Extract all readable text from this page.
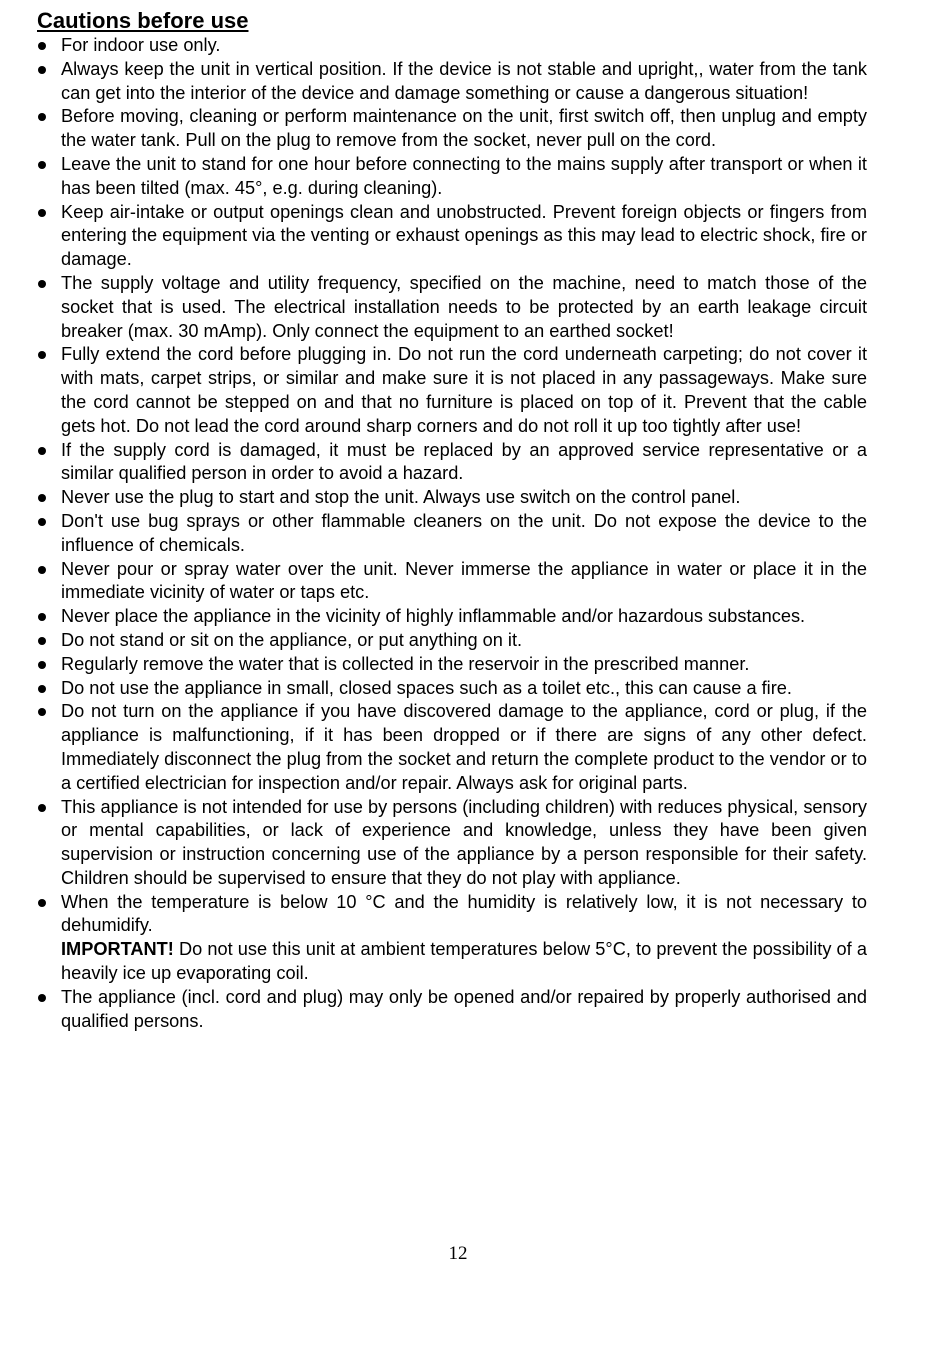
Cautions before use
For indoor use only.
Always keep the unit in vertical position. If the device is not stable and upright,, water from the tank can get into the interior of the device and damage something or cause a dangerous situation!
Before moving, cleaning or perform maintenance on the unit, first switch off, then unplug and empty the water tank. Pull on the plug to remove from the socket, never pull on the cord.
Leave the unit to stand for one hour before connecting to the mains supply after transport or when it has been tilted (max. 45°, e.g. during cleaning).
Keep air-intake or output openings clean and unobstructed. Prevent foreign objects or fingers from entering the equipment via the venting or exhaust openings as this may lead to electric shock, fire or damage.
The supply voltage and utility frequency, specified on the machine, need to match those of the socket that is used. The electrical installation needs to be protected by an earth leakage circuit breaker (max. 30 mAmp). Only connect the equipment to an earthed socket!
Fully extend the cord before plugging in. Do not run the cord underneath carpeting; do not cover it with mats, carpet strips, or similar and make sure it is not placed in any passageways. Make sure the cord cannot be stepped on and that no furniture is placed on top of it. Prevent that the cable gets hot. Do not lead the cord around sharp corners and do not roll it up too tightly after use!
If the supply cord is damaged, it must be replaced by an approved service representative or a similar qualified person in order to avoid a hazard.
Never use the plug to start and stop the unit. Always use switch on the control panel.
Don't use bug sprays or other flammable cleaners on the unit. Do not expose the device to the influence of chemicals.
Never pour or spray water over the unit. Never immerse the appliance in water or place it in the immediate vicinity of water or taps etc.
Never place the appliance in the vicinity of highly inflammable and/or hazardous substances.
Do not stand or sit on the appliance, or put anything on it.
Regularly remove the water that is collected in the reservoir in the prescribed manner.
Do not use the appliance in small, closed spaces such as a toilet etc., this can cause a fire.
Do not turn on the appliance if you have discovered damage to the appliance, cord or plug, if the appliance is malfunctioning, if it has been dropped or if there are signs of any other defect. Immediately disconnect the plug from the socket and return the complete product to the vendor or to a certified electrician for inspection and/or repair. Always ask for original parts.
This appliance is not intended for use by persons (including children) with reduces physical, sensory or mental capabilities, or lack of experience and knowledge, unless they have been given supervision or instruction concerning use of the appliance by a person responsible for their safety. Children should be supervised to ensure that they do not play with appliance.
When the temperature is below 10 °C and the humidity is relatively low, it is not necessary to dehumidify.
IMPORTANT! Do not use this unit at ambient temperatures below 5°C, to prevent the possibility of a heavily ice up evaporating coil.
The appliance (incl. cord and plug) may only be opened and/or repaired by properly authorised and qualified persons.
12
